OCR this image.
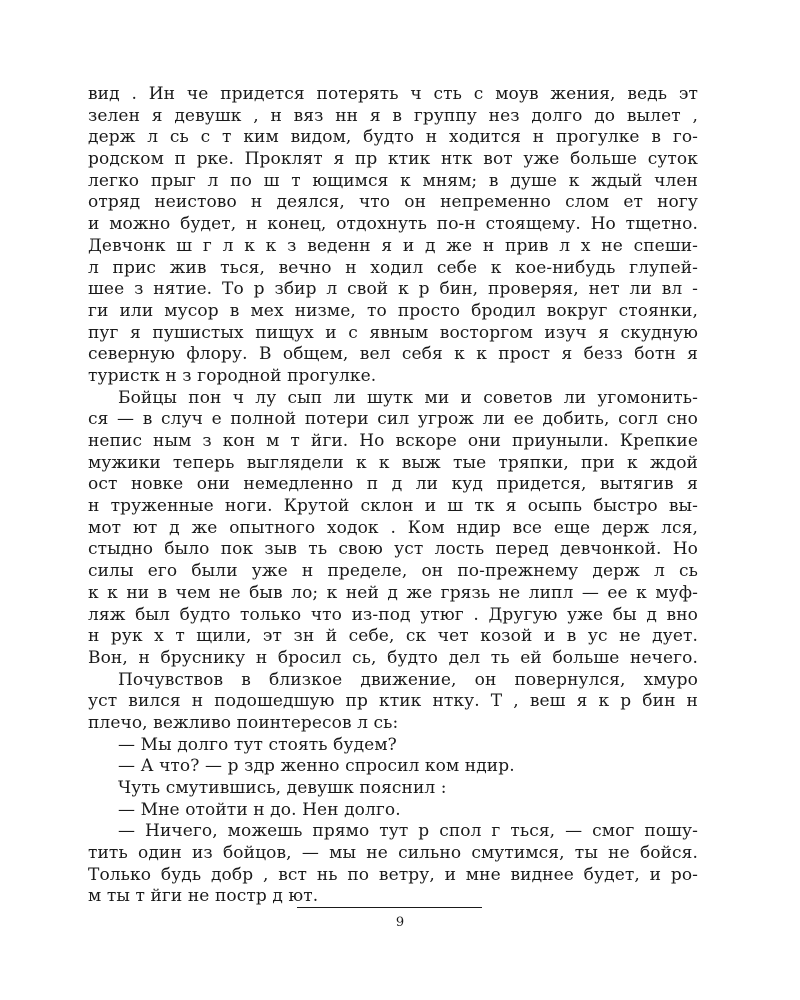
вид . Ин че придется потерять ч сть с моув жения, ведь эт
зелен я девушк , н вяз нн я в группу нез долго до вылет ,
держ л сь с т ким видом, будто н ходится н прогулке в го-
родском п рке. Проклят я пр ктик нтк вот уже больше суток
легко прыг л по ш т ющимся к мням; в душе к ждый член
отряд неистово н деялся, что он непременно слом ет ногу
и можно будет, н конец, отдохнуть по-н стоящему. Но тщетно.
Девчонк ш г л к к з веденн я и д же н прив л х не спеши-
л прис жив ться, вечно н ходил себе к кое-нибудь глупей-
шее з нятие. То р збир л свой к р бин, проверяя, нет ли вл -
ги или мусор в мех низме, то просто бродил вокруг стоянки,
пуг я пушистых пищух и с явным восторгом изуч я скудную
северную флору. В общем, вел себя к к прост я безз ботн я
туристк н з городной прогулке.
Бойцы пон ч лу сып ли шутк ми и советов ли угомонить-
ся — в случ е полной потери сил угрож ли ее добить, согл сно
непис ным з кон м т йги. Но вскоре они приуныли. Крепкие
мужики теперь выглядели к к выж тые тряпки, при к ждой
ост новке они немедленно п д ли куд придется, вытягив я
н труженные ноги. Крутой склон и ш тк я осыпь быстро вы-
мот ют д же опытного ходок . Ком ндир все еще держ лся,
стыдно было пок зыв ть свою уст лость перед девчонкой. Но
силы его были уже н пределе, он по-прежнему держ л сь
к к ни в чем не быв ло; к ней д же грязь не липл — ее к муф-
ляж был будто только что из-под утюг . Другую уже бы д вно
н рук х т щили, эт зн й себе, ск чет козой и в ус не дует.
Вон, н бруснику н бросил сь, будто дел ть ей больше нечего.
Почувствов в близкое движение, он повернулся, хмуро
уст вился н подошедшую пр ктик нтку. Т , веш я к р бин н
плечо, вежливо поинтересов л сь:
— Мы долго тут стоять будем?
— А что? — р здр женно спросил ком ндир.
Чуть смутившись, девушк пояснил :
— Мне отойти н до. Нен долго.
— Ничего, можешь прямо тут р спол г ться, — смог пошу-
тить один из бойцов, — мы не сильно смутимся, ты не бойся.
Только будь добр , вст нь по ветру, и мне виднее будет, и ро-
м ты т йги не постр д ют.
9
